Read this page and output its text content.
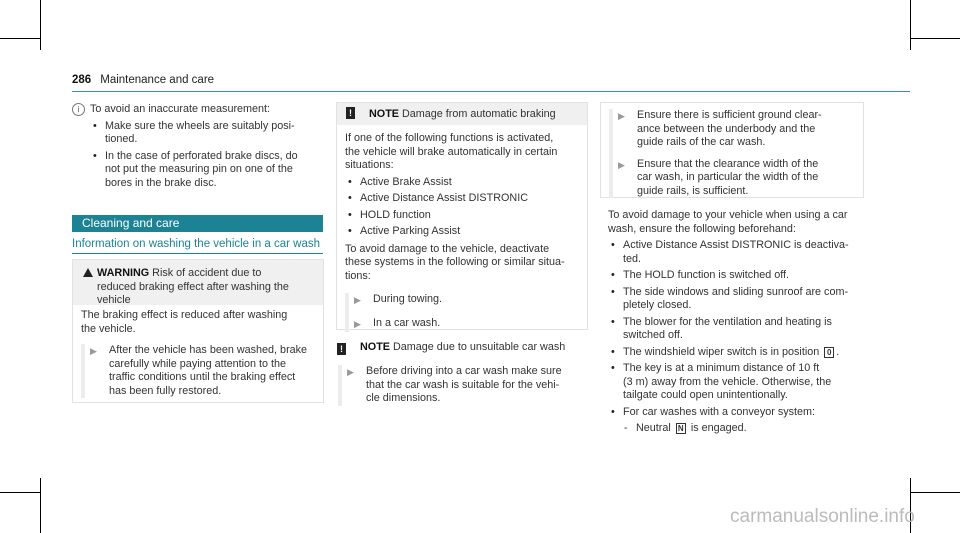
286 Maintenance and care
i To avoid an inaccurate measurement:

• Make sure the wheels are suitably posi-
tioned.
• In the case of perforated brake discs, do
not put the measuring pin on one of the
bores in the brake disc.
Cleaning and care
Information on washing the vehicle in a car wash
WARNING Risk of accident due to
reduced braking effect after washing the
vehicle

The braking effect is reduced after washing
the vehicle.

▶ After the vehicle has been washed, brake
carefully while paying attention to the
traffic conditions until the braking effect
has been fully restored.
!	NOTE Damage from automatic braking

If one of the following functions is activated,
the vehicle will brake automatically in certain
situations:

• Active Brake Assist
• Active Distance Assist DISTRONIC
• HOLD function
• Active Parking Assist

To avoid damage to the vehicle, deactivate
these systems in the following or similar situa-
tions:

▶ During towing.
▶ In a car wash.
! NOTE Damage due to unsuitable car wash
▶ Before driving into a car wash make sure
that the car wash is suitable for the vehi-
cle dimensions.
▶ Ensure there is sufficient ground clear-
ance between the underbody and the
guide rails of the car wash.
▶ Ensure that the clearance width of the
car wash, in particular the width of the
guide rails, is sufficient.

To avoid damage to your vehicle when using a car
wash, ensure the following beforehand:

• Active Distance Assist DISTRONIC is deactiva-
ted.
• The HOLD function is switched off.
• The side windows and sliding sunroof are com-
pletely closed.
• The blower for the ventilation and heating is
switched off.
• The windshield wiper switch is in position 0 .
• The key is at a minimum distance of 10 ft
(3 m) away from the vehicle. Otherwise, the
tailgate could open unintentionally.
• For car washes with a conveyor system:
- Neutral N is engaged.
carmanualsonline.info
